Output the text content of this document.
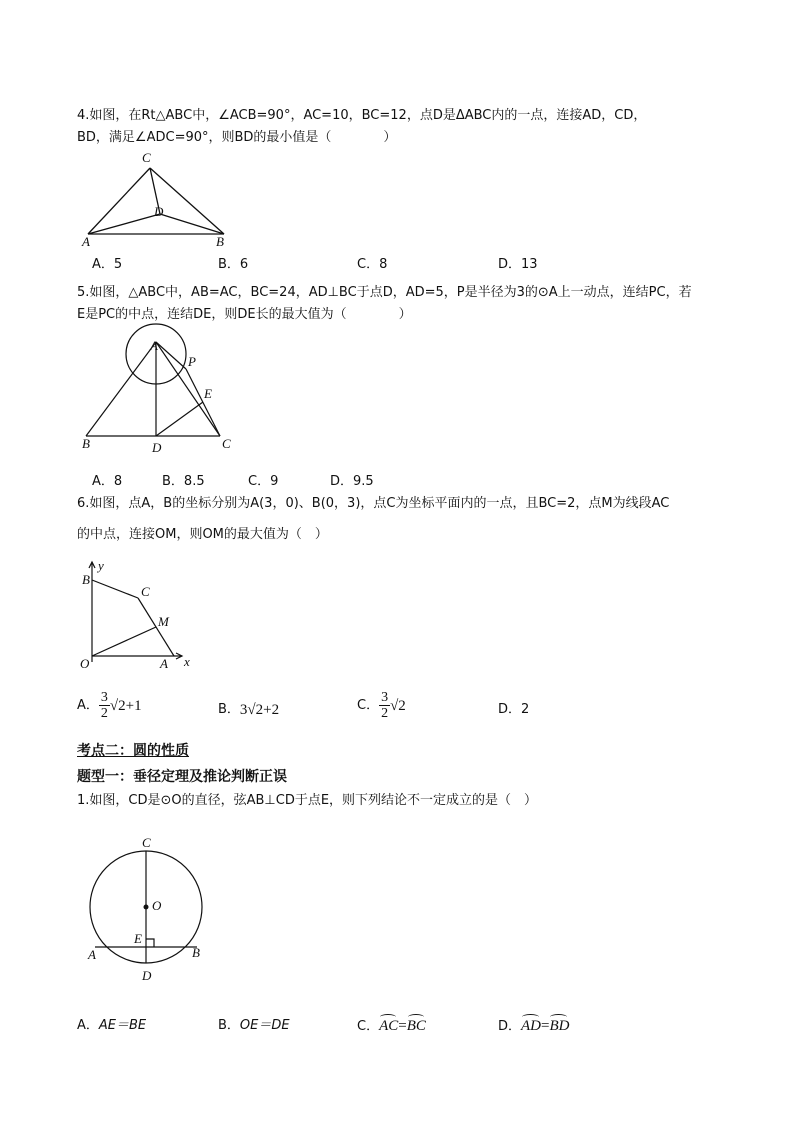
4.如图，在Rt△ABC中，∠ACB=90°，AC=10，BC=12，点D是ΔABC内的一点，连接AD，CD，
BD，满足∠ADC=90°，则BD的最小值是（　　　　）
C
D
A	B
A．5	B．6	C．8	D．13
5.如图，△ABC中，AB=AC，BC=24，AD⊥BC于点D，AD=5，P是半径为3的⊙A上一动点，连结PC，若
E是PC的中点，连结DE，则DE长的最大值为（　　　　）
A
P
E
B	D	C
A．8	B．8.5	C．9	D．9.5
6.如图，点A，B的坐标分别为A(3，0)、B(0，3)，点C为坐标平面内的一点，且BC=2，点M为线段AC
的中点，连接OM，则OM的最大值为（　）
y
B
C
M
O	A x
A． $\frac{3}{2} √2+1$	B． 3√2+2	C． $\frac{3}{2} √2$	D． 2
考点二：圆的性质
题型一：垂径定理及推论判断正误
1.如图，CD是⊙O的直径，弦AB⊥CD于点E，则下列结论不一定成立的是（　）
C
O
E
A	B
D
A．AE＝BE	B．OE＝DE	C．AC=BC	D．AD=BD
